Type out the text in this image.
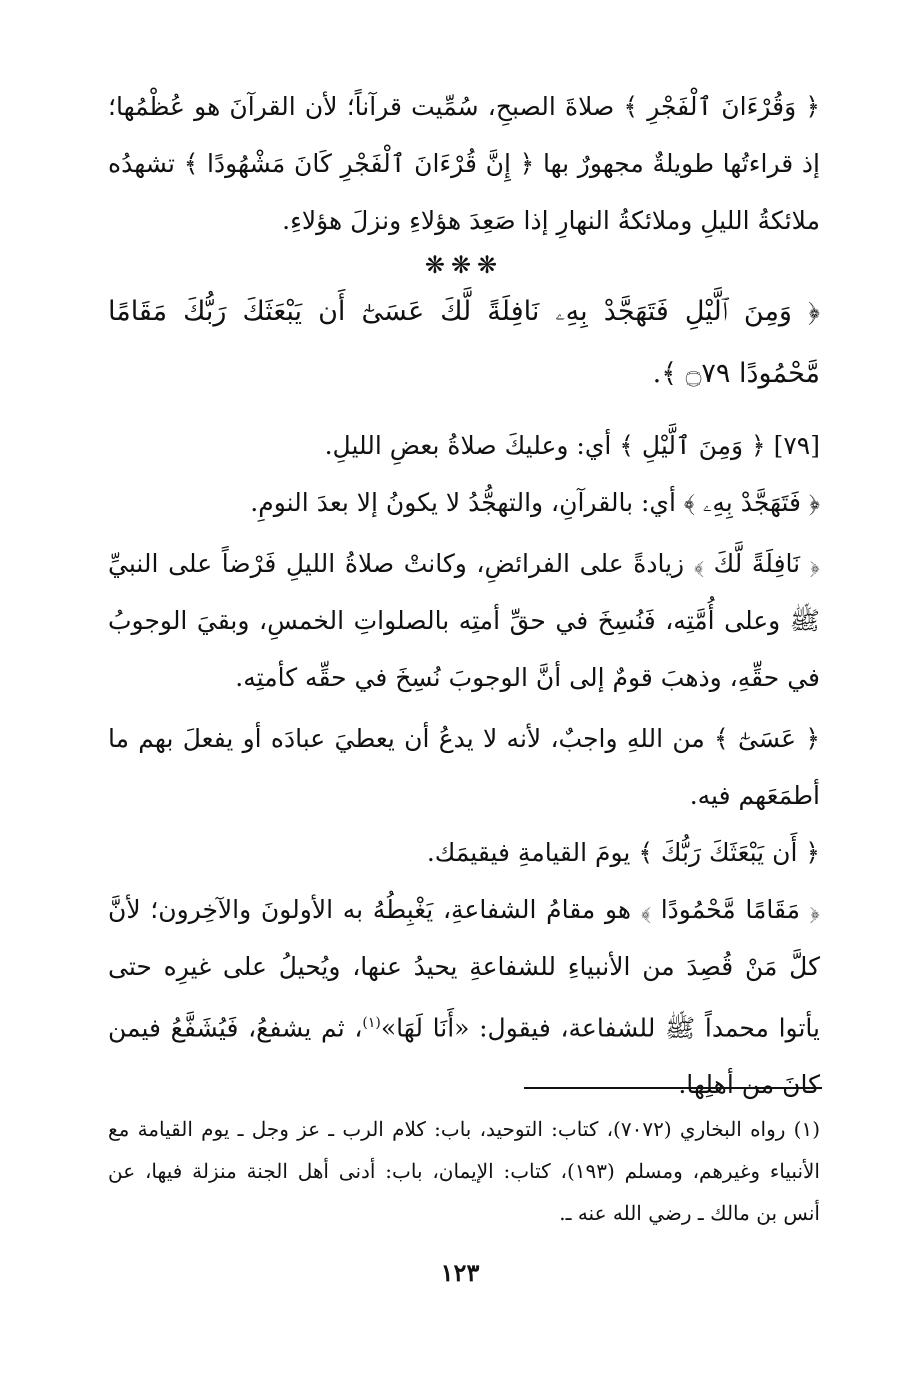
﴿ وَقُرْءَانَ ٱلْفَجْرِ ﴾ صلاةَ الصبحِ، سُمِّيت قرآناً؛ لأن القرآنَ هو عُظْمُها؛ إذ قراءتُها طويلةٌ مجهورٌ بها ﴿ إِنَّ قُرْءَانَ ٱلْفَجْرِ كَانَ مَشْهُودًا ﴾ تشهدُه ملائكةُ الليلِ وملائكةُ النهارِ إذا صَعِدَ هؤلاءِ ونزلَ هؤلاءِ.

❋❋❋

﴿ وَمِنَ ٱلَّيْلِ فَتَهَجَّدْ بِهِۦ نَافِلَةً لَّكَ عَسَىٰٓ أَن يَبْعَثَكَ رَبُّكَ مَقَامًا مَّحْمُودًا ۝٧٩ ﴾.

[٧٩] ﴿ وَمِنَ ٱلَّيْلِ ﴾ أي: وعليكَ صلاةُ بعضِ الليلِ.

﴿ فَتَهَجَّدْ بِهِۦ ﴾ أي: بالقرآنِ، والتهجُّدُ لا يكونُ إلا بعدَ النومِ.

﴿ نَافِلَةً لَّكَ ﴾ زيادةً على الفرائضِ، وكانتْ صلاةُ الليلِ فَرْضاً على النبيِّ ﷺ وعلى أُمَّتِه، فَنُسِخَ في حقِّ أمتِه بالصلواتِ الخمسِ، وبقيَ الوجوبُ في حقِّهِ، وذهبَ قومٌ إلى أنَّ الوجوبَ نُسِخَ في حقِّه كأمتِه.

﴿ عَسَىٰٓ ﴾ من اللهِ واجبٌ، لأنه لا يدعُ أن يعطيَ عبادَه أو يفعلَ بهم ما أطمَعَهم فيه.

﴿ أَن يَبْعَثَكَ رَبُّكَ ﴾ يومَ القيامةِ فيقيمَك.

﴿ مَقَامًا مَّحْمُودًا ﴾ هو مقامُ الشفاعةِ، يَغْبِطُهُ به الأولونَ والآخِرون؛ لأنَّ كلَّ مَنْ قُصِدَ من الأنبياءِ للشفاعةِ يحيدُ عنها، ويُحيلُ على غيرِه حتى يأتوا محمداً ﷺ للشفاعة، فيقول: «أَنَا لَهَا»$^{(١)}$، ثم يشفعُ، فَيُشَفَّعُ فيمن كانَ من أهلِها.

(١) رواه البخاري (٧٠٧٢)، كتاب: التوحيد، باب: كلام الرب ـ عز وجل ـ يوم القيامة مع الأنبياء وغيرهم، ومسلم (١٩٣)، كتاب: الإيمان، باب: أدنى أهل الجنة منزلة فيها، عن أنس بن مالك ـ رضي الله عنه ـ.

١٢٣
